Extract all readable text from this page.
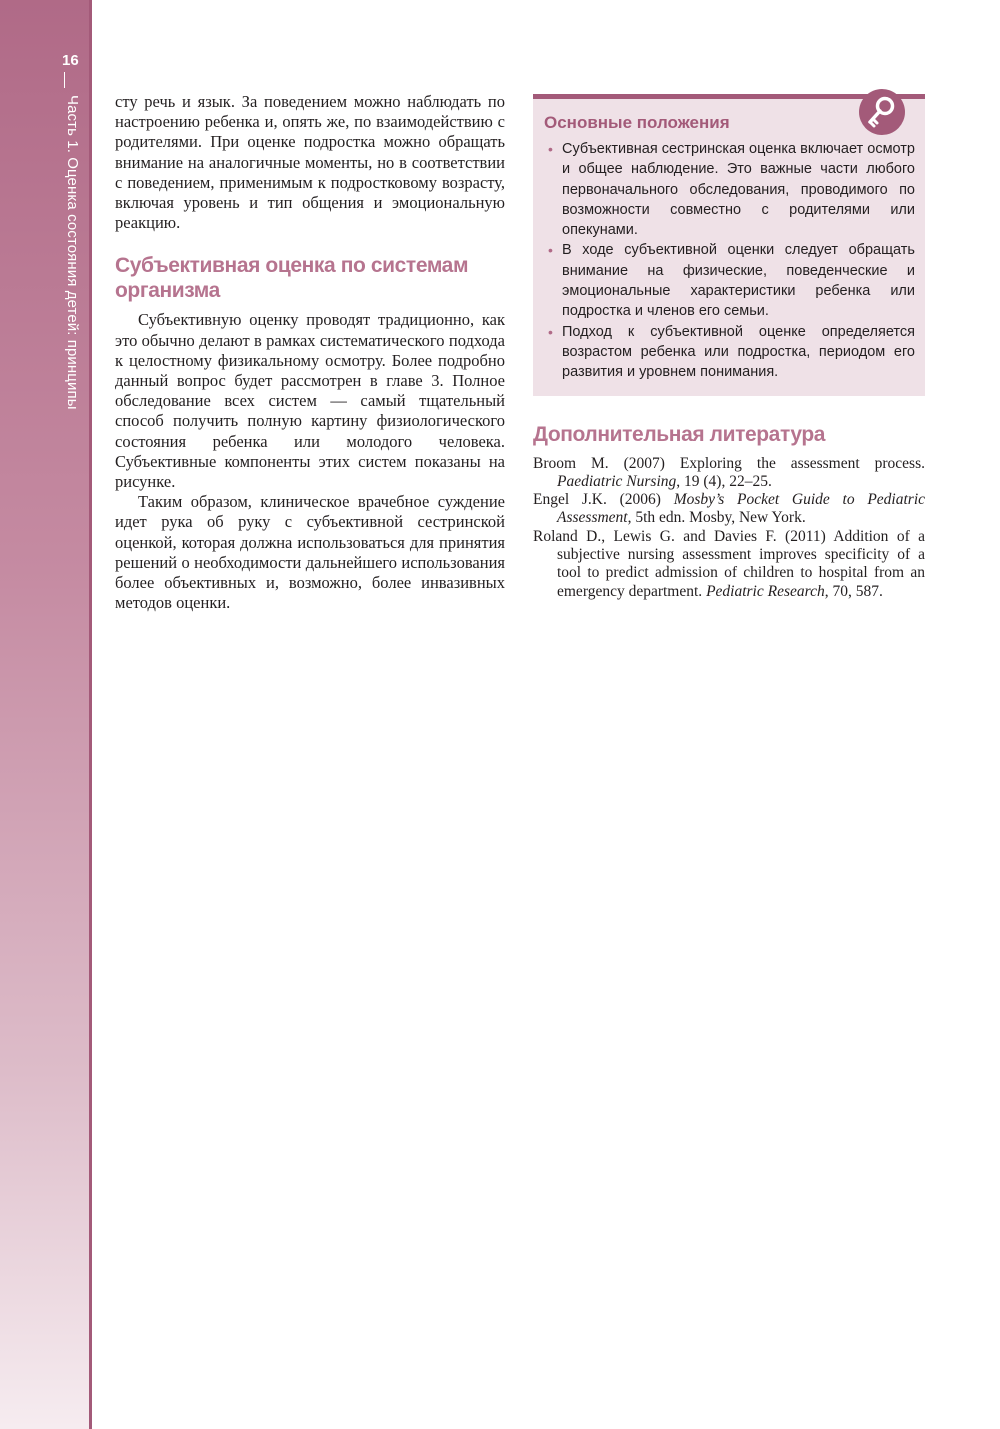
16
Часть 1. Оценка состояния детей: принципы сту речь и язык. За поведением можно наблюдать по настроению ребенка и, опять же, по взаимодействию с родителями. При оценке подростка можно обращать внимание на аналогичные моменты, но в соответствии с поведением, применимым к подростковому возрасту, включая уровень и тип общения и эмоциональную реакцию.

Субъективная оценка по системам организма

Субъективную оценку проводят традиционно, как это обычно делают в рамках систематического подхода к целостному физикальному осмотру. Более подробно данный вопрос будет рассмотрен в главе 3. Полное обследование всех систем — самый тщательный способ получить полную картину физиологического состояния ребенка или молодого человека. Субъективные компоненты этих систем показаны на рисунке.

Таким образом, клиническое врачебное суждение идет рука об руку с субъективной сестринской оценкой, которая должна использоваться для принятия решений о необходимости дальнейшего использования более объективных и, возможно, более инвазивных методов оценки.

Основные положения
• Субъективная сестринская оценка включает осмотр и общее наблюдение. Это важные части любого первоначального обследования, проводимого по возможности совместно с родителями или опекунами.
• В ходе субъективной оценки следует обращать внимание на физические, поведенческие и эмоциональные характеристики ребенка или подростка и членов его семьи.
• Подход к субъективной оценке определяется возрастом ребенка или подростка, периодом его развития и уровнем понимания.
Дополнительная литература

Broom M. (2007) Exploring the assessment process. Paediatric Nursing, 19 (4), 22–25.

Engel J.K. (2006) Mosby’s Pocket Guide to Pediatric Assessment, 5th edn. Mosby, New York.

Roland D., Lewis G. and Davies F. (2011) Addition of a subjective nursing assessment improves specificity of a tool to predict admission of children to hospital from an emergency department. Pediatric Research, 70, 587.
